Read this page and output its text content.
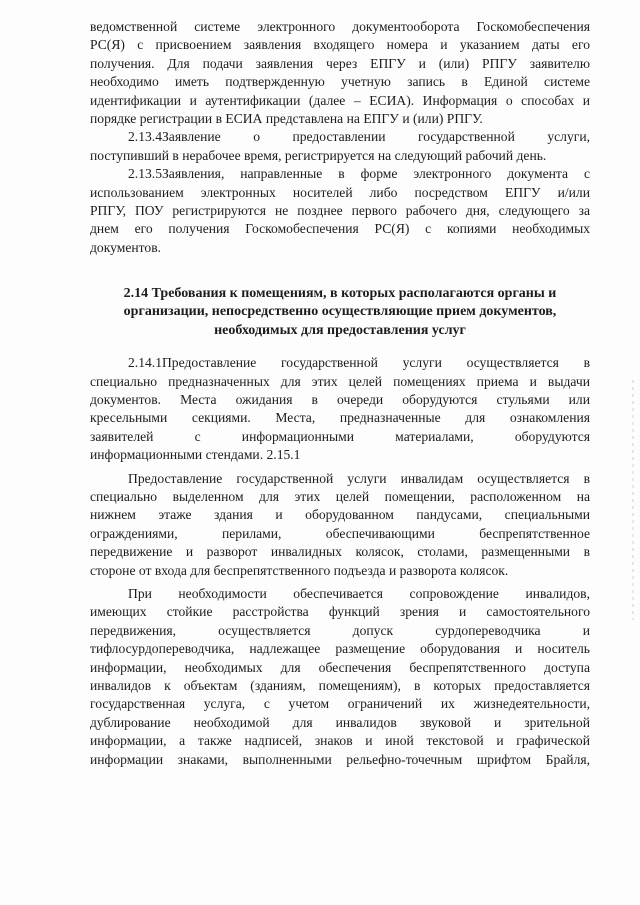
ведомственной системе электронного документооборота Госкомобеспечения
РС(Я) с присвоением заявления входящего номера и указанием даты его
получения. Для подачи заявления через ЕПГУ и (или) РПГУ заявителю
необходимо иметь подтвержденную учетную запись в Единой системе
идентификации и аутентификации (далее – ЕСИА). Информация о способах и
порядке регистрации в ЕСИА представлена на ЕПГУ и (или) РПГУ.
2.13.4Заявление о предоставлении государственной услуги,
поступивший в нерабочее время, регистрируется на следующий рабочий день.
2.13.5Заявления, направленные в форме электронного документа с
использованием электронных носителей либо посредством ЕПГУ и/или
РПГУ, ПОУ регистрируются не позднее первого рабочего дня, следующего за
днем его получения Госкомобеспечения РС(Я) с копиями необходимых
документов.
2.14 Требования к помещениям, в которых располагаются органы и
организации, непосредственно осуществляющие прием документов,
необходимых для предоставления услуг
2.14.1Предоставление государственной услуги осуществляется в
специально предназначенных для этих целей помещениях приема и выдачи
документов. Места ожидания в очереди оборудуются стульями или
кресельными секциями. Места, предназначенные для ознакомления
заявителей с информационными материалами, оборудуются
информационными стендами. 2.15.1
Предоставление государственной услуги инвалидам осуществляется в
специально выделенном для этих целей помещении, расположенном на
нижнем этаже здания и оборудованном пандусами, специальными
ограждениями, перилами, обеспечивающими беспрепятственное
передвижение и разворот инвалидных колясок, столами, размещенными в
стороне от входа для беспрепятственного подъезда и разворота колясок.
При необходимости обеспечивается сопровождение инвалидов,
имеющих стойкие расстройства функций зрения и самостоятельного
передвижения, осуществляется допуск сурдопереводчика и
тифлосурдопереводчика, надлежащее размещение оборудования и носитель
информации, необходимых для обеспечения беспрепятственного доступа
инвалидов к объектам (зданиям, помещениям), в которых предоставляется
государственная услуга, с учетом ограничений их жизнедеятельности,
дублирование необходимой для инвалидов звуковой и зрительной
информации, а также надписей, знаков и иной текстовой и графической
информации знаками, выполненными рельефно-точечным шрифтом Брайля,
